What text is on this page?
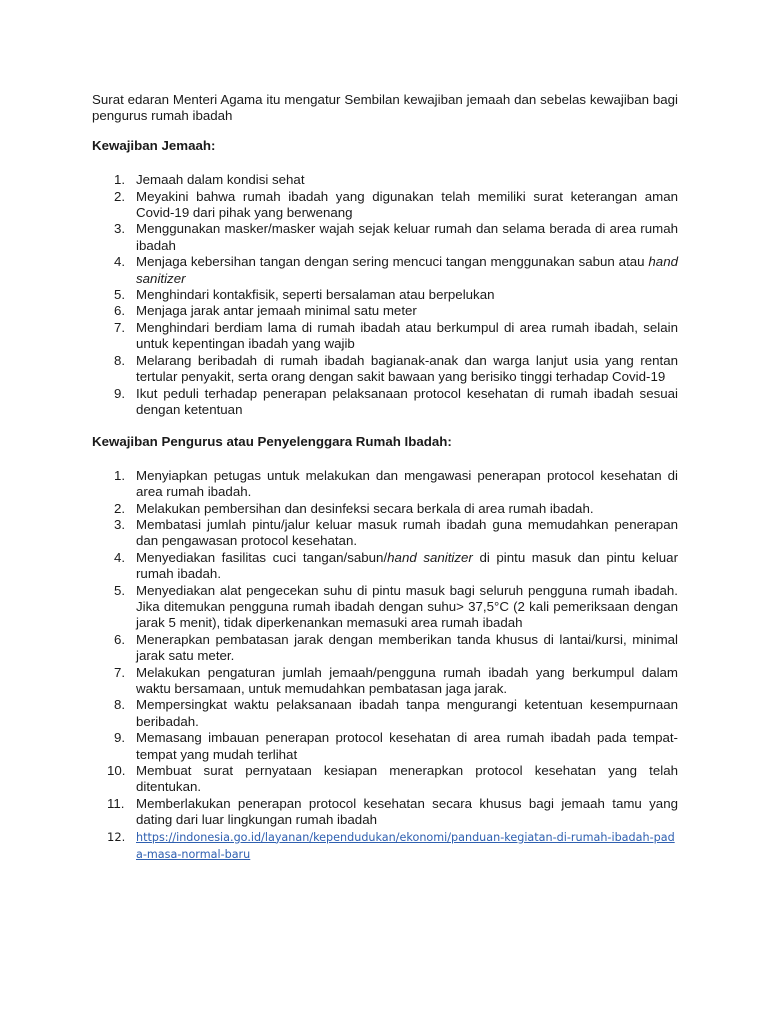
Surat edaran Menteri Agama itu mengatur Sembilan kewajiban jemaah dan sebelas kewajiban bagi pengurus rumah ibadah

Kewajiban Jemaah:

1. Jemaah dalam kondisi sehat
2. Meyakini bahwa rumah ibadah yang digunakan telah memiliki surat keterangan aman Covid-19 dari pihak yang berwenang
3. Menggunakan masker/masker wajah sejak keluar rumah dan selama berada di area rumah ibadah
4. Menjaga kebersihan tangan dengan sering mencuci tangan menggunakan sabun atau hand sanitizer
5. Menghindari kontakfisik, seperti bersalaman atau berpelukan
6. Menjaga jarak antar jemaah minimal satu meter
7. Menghindari berdiam lama di rumah ibadah atau berkumpul di area rumah ibadah, selain untuk kepentingan ibadah yang wajib
8. Melarang beribadah di rumah ibadah bagianak-anak dan warga lanjut usia yang rentan tertular penyakit, serta orang dengan sakit bawaan yang berisiko tinggi terhadap Covid-19
9. Ikut peduli terhadap penerapan pelaksanaan protocol kesehatan di rumah ibadah sesuai dengan ketentuan

Kewajiban Pengurus atau Penyelenggara Rumah Ibadah:

1. Menyiapkan petugas untuk melakukan dan mengawasi penerapan protocol kesehatan di area rumah ibadah.
2. Melakukan pembersihan dan desinfeksi secara berkala di area rumah ibadah.
3. Membatasi jumlah pintu/jalur keluar masuk rumah ibadah guna memudahkan penerapan dan pengawasan protocol kesehatan.
4. Menyediakan fasilitas cuci tangan/sabun/hand sanitizer di pintu masuk dan pintu keluar rumah ibadah.
5. Menyediakan alat pengecekan suhu di pintu masuk bagi seluruh pengguna rumah ibadah. Jika ditemukan pengguna rumah ibadah dengan suhu> 37,5°C (2 kali pemeriksaan dengan jarak 5 menit), tidak diperkenankan memasuki area rumah ibadah
6. Menerapkan pembatasan jarak dengan memberikan tanda khusus di lantai/kursi, minimal jarak satu meter.
7. Melakukan pengaturan jumlah jemaah/pengguna rumah ibadah yang berkumpul dalam waktu bersamaan, untuk memudahkan pembatasan jaga jarak.
8. Mempersingkat waktu pelaksanaan ibadah tanpa mengurangi ketentuan kesempurnaan beribadah.
9. Memasang imbauan penerapan protocol kesehatan di area rumah ibadah pada tempat-tempat yang mudah terlihat
10. Membuat surat pernyataan kesiapan menerapkan protocol kesehatan yang telah ditentukan.
11. Memberlakukan penerapan protocol kesehatan secara khusus bagi jemaah tamu yang dating dari luar lingkungan rumah ibadah
12. https://indonesia.go.id/layanan/kependudukan/ekonomi/panduan-kegiatan-di-rumah-ibadah-pada-masa-normal-baru
